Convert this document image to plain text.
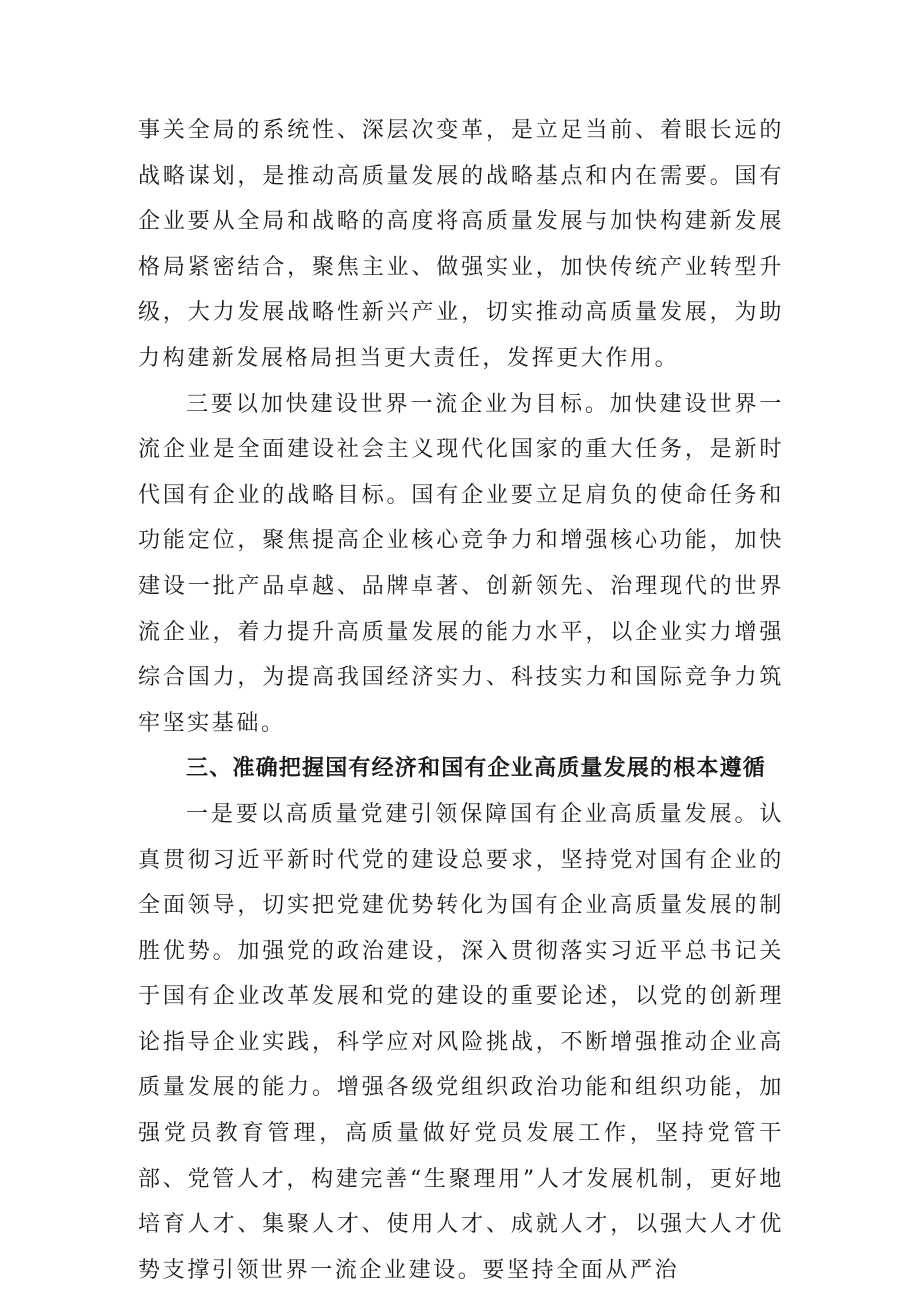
事关全局的系统性、深层次变革，是立足当前、着眼长远的战略谋划，是推动高质量发展的战略基点和内在需要。国有企业要从全局和战略的高度将高质量发展与加快构建新发展格局紧密结合，聚焦主业、做强实业，加快传统产业转型升级，大力发展战略性新兴产业，切实推动高质量发展，为助力构建新发展格局担当更大责任，发挥更大作用。

三要以加快建设世界一流企业为目标。加快建设世界一流企业是全面建设社会主义现代化国家的重大任务，是新时代国有企业的战略目标。国有企业要立足肩负的使命任务和功能定位，聚焦提高企业核心竞争力和增强核心功能，加快建设一批产品卓越、品牌卓著、创新领先、治理现代的世界流企业，着力提升高质量发展的能力水平，以企业实力增强综合国力，为提高我国经济实力、科技实力和国际竞争力筑牢坚实基础。

三、准确把握国有经济和国有企业高质量发展的根本遵循

一是要以高质量党建引领保障国有企业高质量发展。认真贯彻习近平新时代党的建设总要求，坚持党对国有企业的全面领导，切实把党建优势转化为国有企业高质量发展的制胜优势。加强党的政治建设，深入贯彻落实习近平总书记关于国有企业改革发展和党的建设的重要论述，以党的创新理论指导企业实践，科学应对风险挑战，不断增强推动企业高质量发展的能力。增强各级党组织政治功能和组织功能，加强党员教育管理，高质量做好党员发展工作，坚持党管干部、党管人才，构建完善“生聚理用”人才发展机制，更好地培育人才、集聚人才、使用人才、成就人才，以强大人才优势支撑引领世界一流企业建设。要坚持全面从严治
